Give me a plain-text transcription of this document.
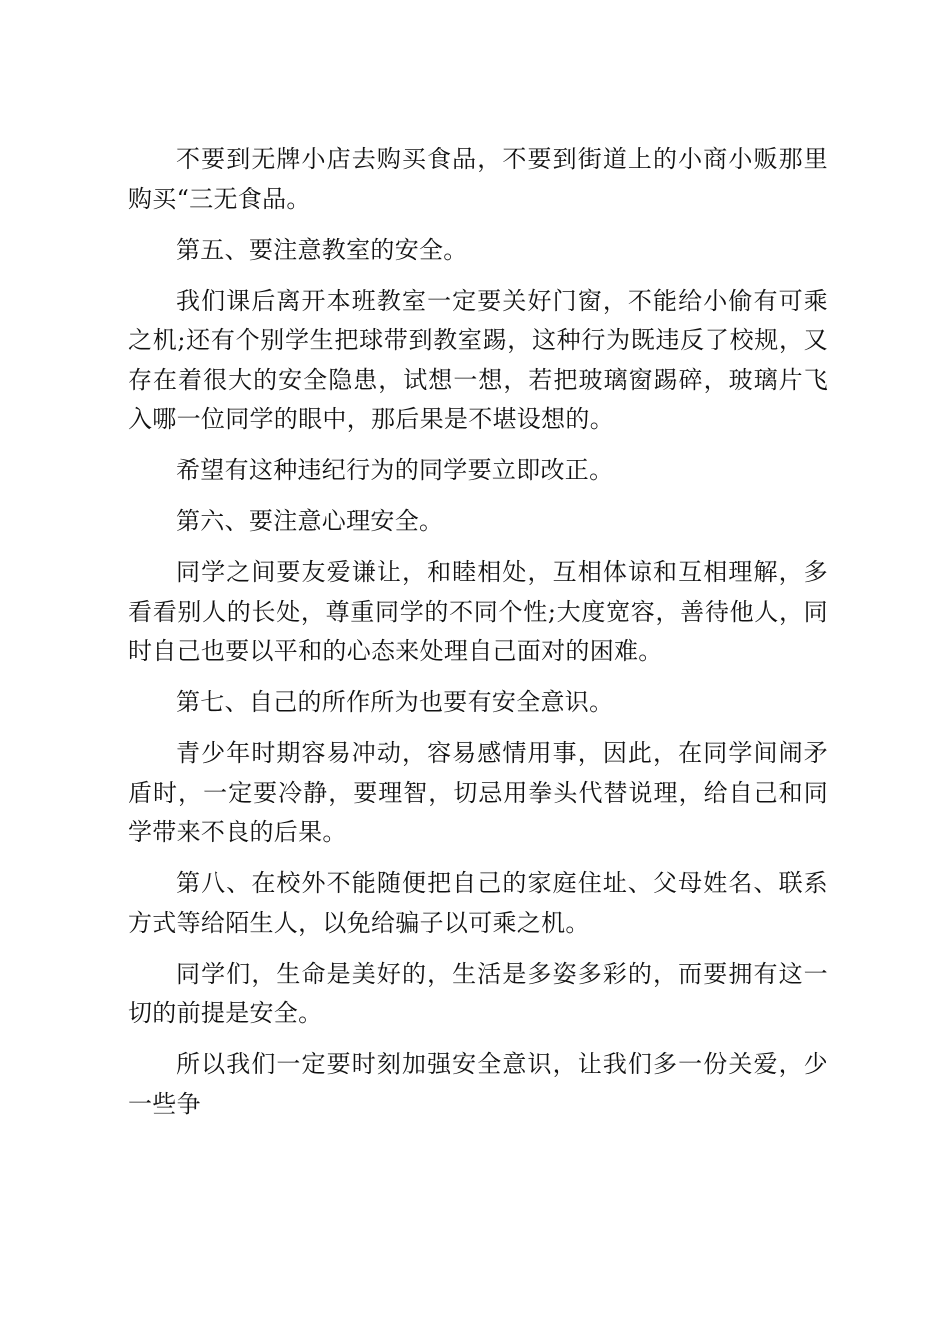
不要到无牌小店去购买食品，不要到街道上的小商小贩那里购买“三无食品。

第五、要注意教室的安全。

我们课后离开本班教室一定要关好门窗，不能给小偷有可乘之机;还有个别学生把球带到教室踢，这种行为既违反了校规，又存在着很大的安全隐患，试想一想，若把玻璃窗踢碎，玻璃片飞入哪一位同学的眼中，那后果是不堪设想的。

希望有这种违纪行为的同学要立即改正。

第六、要注意心理安全。

同学之间要友爱谦让，和睦相处，互相体谅和互相理解，多看看别人的长处，尊重同学的不同个性;大度宽容，善待他人，同时自己也要以平和的心态来处理自己面对的困难。

第七、自己的所作所为也要有安全意识。

青少年时期容易冲动，容易感情用事，因此，在同学间闹矛盾时，一定要冷静，要理智，切忌用拳头代替说理，给自己和同学带来不良的后果。

第八、在校外不能随便把自己的家庭住址、父母姓名、联系方式等给陌生人，以免给骗子以可乘之机。

同学们，生命是美好的，生活是多姿多彩的，而要拥有这一切的前提是安全。

所以我们一定要时刻加强安全意识，让我们多一份关爱，少一些争
